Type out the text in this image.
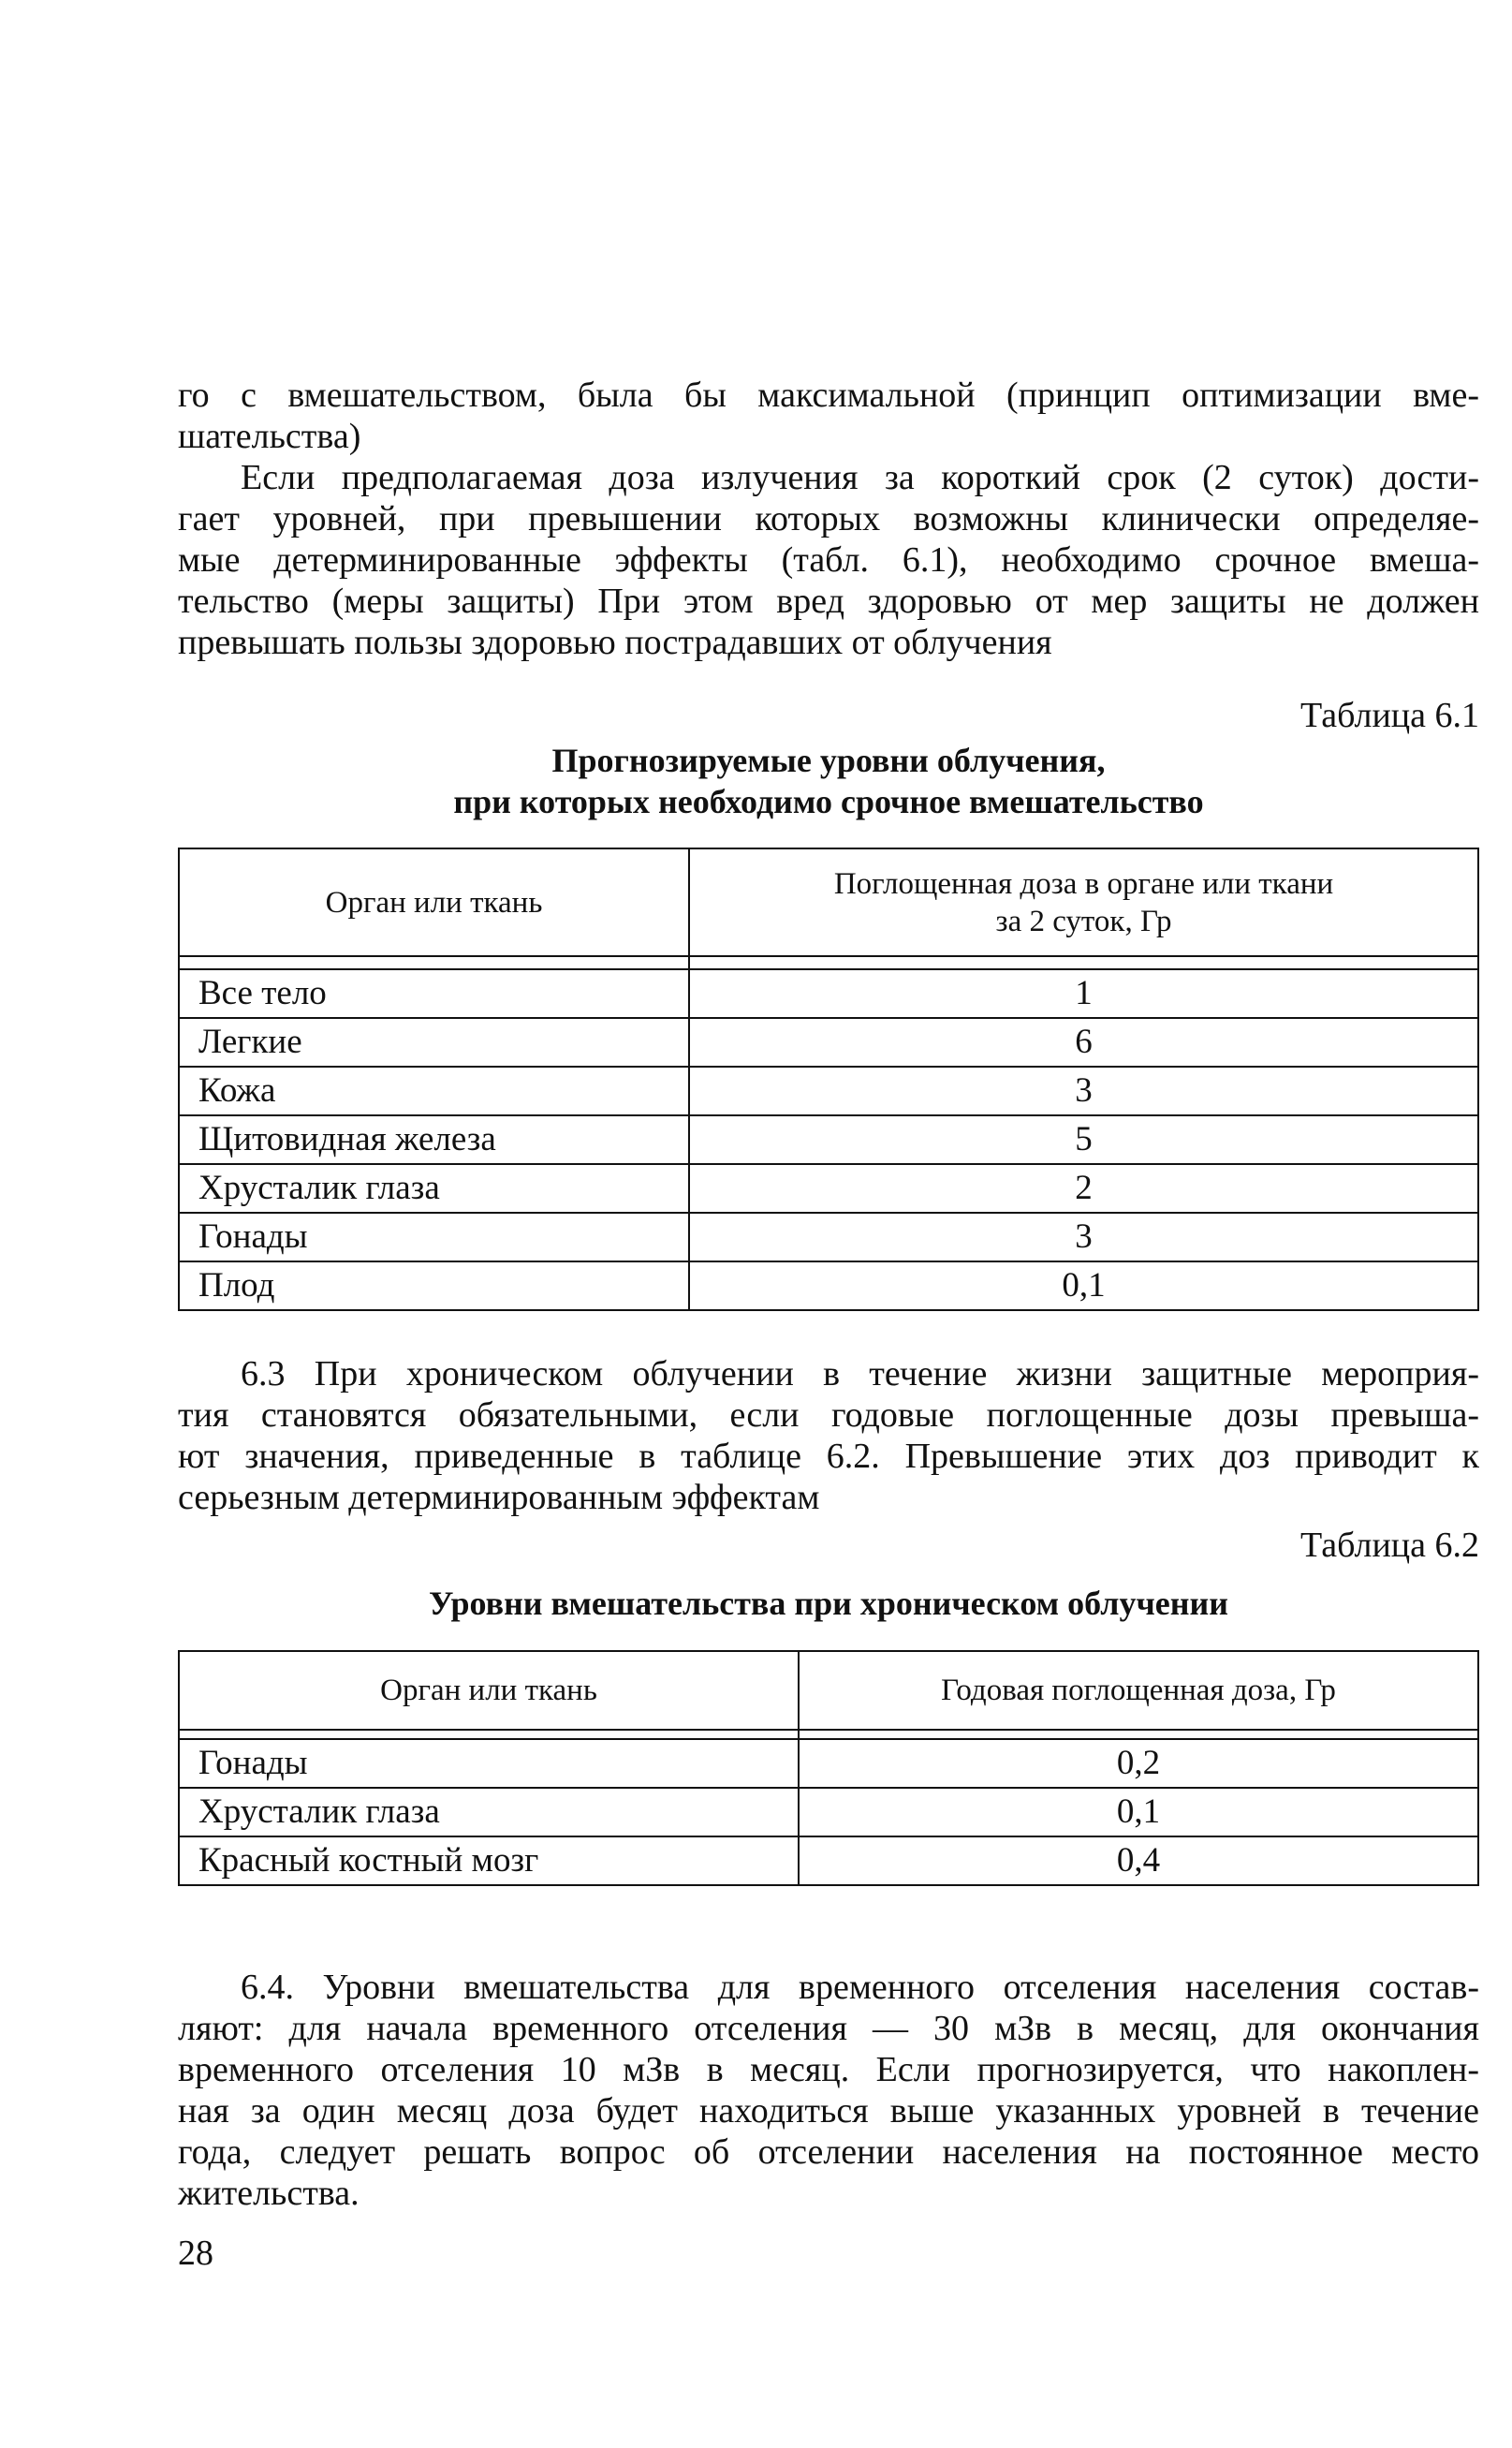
го с вмешательством, была бы максимальной (принцип оптимизации вме-
шательства)
Если предполагаемая доза излучения за короткий срок (2 суток) дости-
гает уровней, при превышении которых возможны клинически определяе-
мые детерминированные эффекты (табл. 6.1), необходимо срочное вмеша-
тельство (меры защиты) При этом вред здоровью от мер защиты не должен
превышать пользы здоровью пострадавших от облучения
Таблица 6.1
Прогнозируемые уровни облучения,
при которых необходимо срочное вмешательство
Орган или ткань	Поглощенная доза в органе или ткани
за 2 суток, Гр

Все тело	1
Легкие	6
Кожа	3
Щитовидная железа	5
Хрусталик глаза	2
Гонады	3
Плод	0,1
6.3 При хроническом облучении в течение жизни защитные мероприя-
тия становятся обязательными, если годовые поглощенные дозы превыша-
ют значения, приведенные в таблице 6.2. Превышение этих доз приводит к
серьезным детерминированным эффектам
Таблица 6.2
Уровни вмешательства при хроническом облучении
Орган или ткань	Годовая поглощенная доза, Гр

Гонады	0,2
Хрусталик глаза	0,1
Красный костный мозг	0,4
6.4. Уровни вмешательства для временного отселения населения состав-
ляют: для начала временного отселения — 30 мЗв в месяц, для окончания
временного отселения 10 мЗв в месяц. Если прогнозируется, что накоплен-
ная за один месяц доза будет находиться выше указанных уровней в течение
года, следует решать вопрос об отселении населения на постоянное место
жительства.
28
